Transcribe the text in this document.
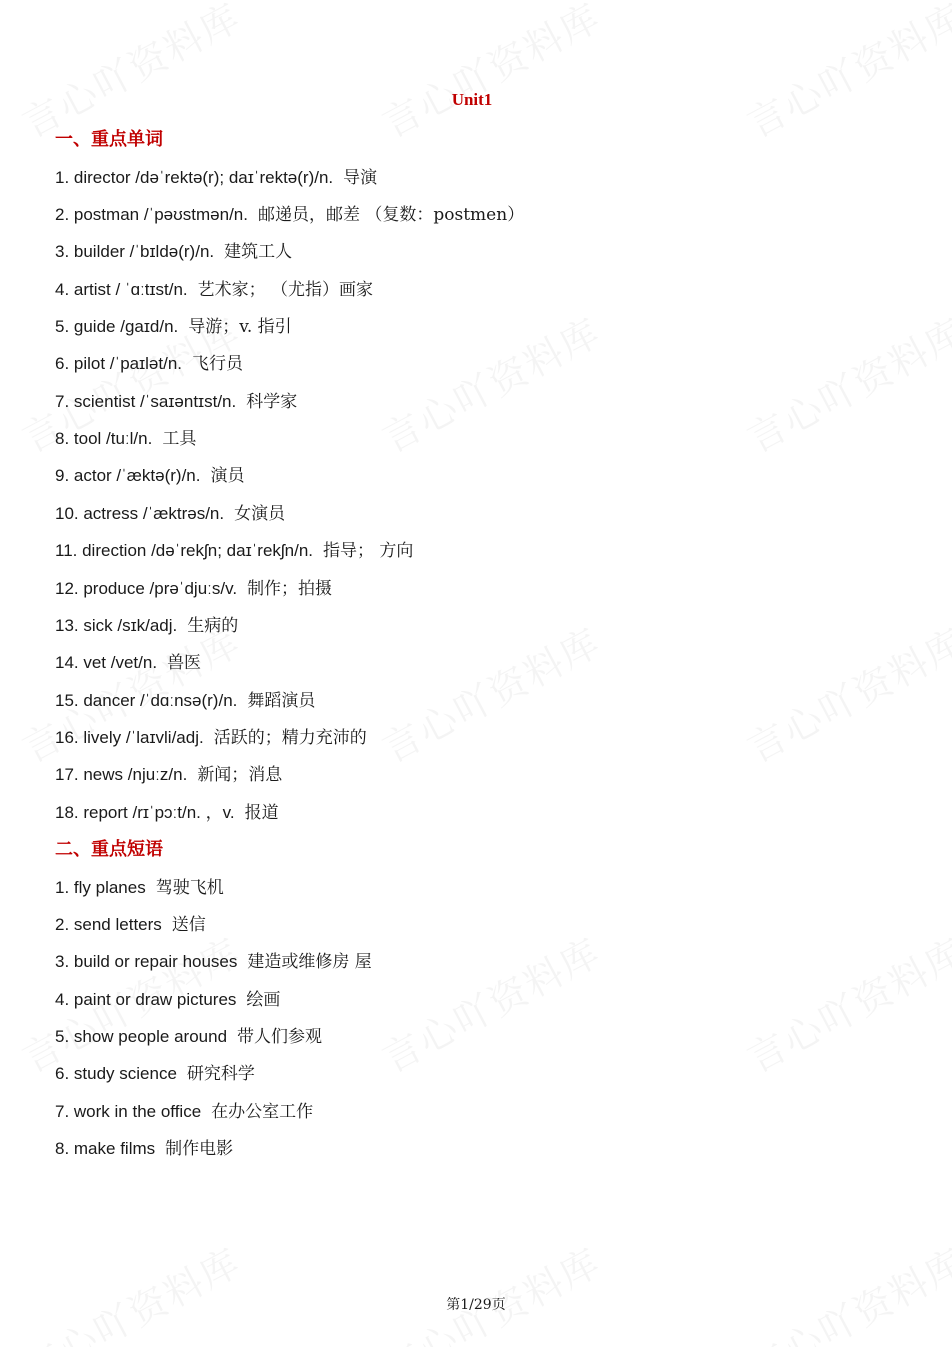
Unit1
一、重点单词
1. director /dəˈrektə(r); daɪˈrektə(r)/n. 导演
2. postman /ˈpəʊstmən/n. 邮递员，邮差 （复数：postmen）
3. builder /ˈbɪldə(r)/n. 建筑工人
4. artist / ˈɑːtɪst/n. 艺术家； （尤指）画家
5. guide /ɡaɪd/n. 导游；v. 指引
6. pilot /ˈpaɪlət/n. 飞行员
7. scientist /ˈsaɪəntɪst/n. 科学家
8. tool /tuːl/n. 工具
9. actor /ˈæktə(r)/n. 演员
10. actress /ˈæktrəs/n. 女演员
11. direction /dəˈrekʃn; daɪˈrekʃn/n. 指导； 方向
12. produce /prəˈdjuːs/v. 制作；拍摄
13. sick /sɪk/adj. 生病的
14. vet /vet/n. 兽医
15. dancer /ˈdɑːnsə(r)/n. 舞蹈演员
16. lively /ˈlaɪvli/adj. 活跃的；精力充沛的
17. news /njuːz/n. 新闻；消息
18. report /rɪˈpɔːt/n. ，v. 报道
二、重点短语
1. fly planes 驾驶飞机
2. send letters 送信
3. build or repair houses 建造或维修房 屋
4. paint or draw pictures 绘画
5. show people around 带人们参观
6. study science 研究科学
7. work in the office 在办公室工作
8. make films 制作电影
第1/29页
